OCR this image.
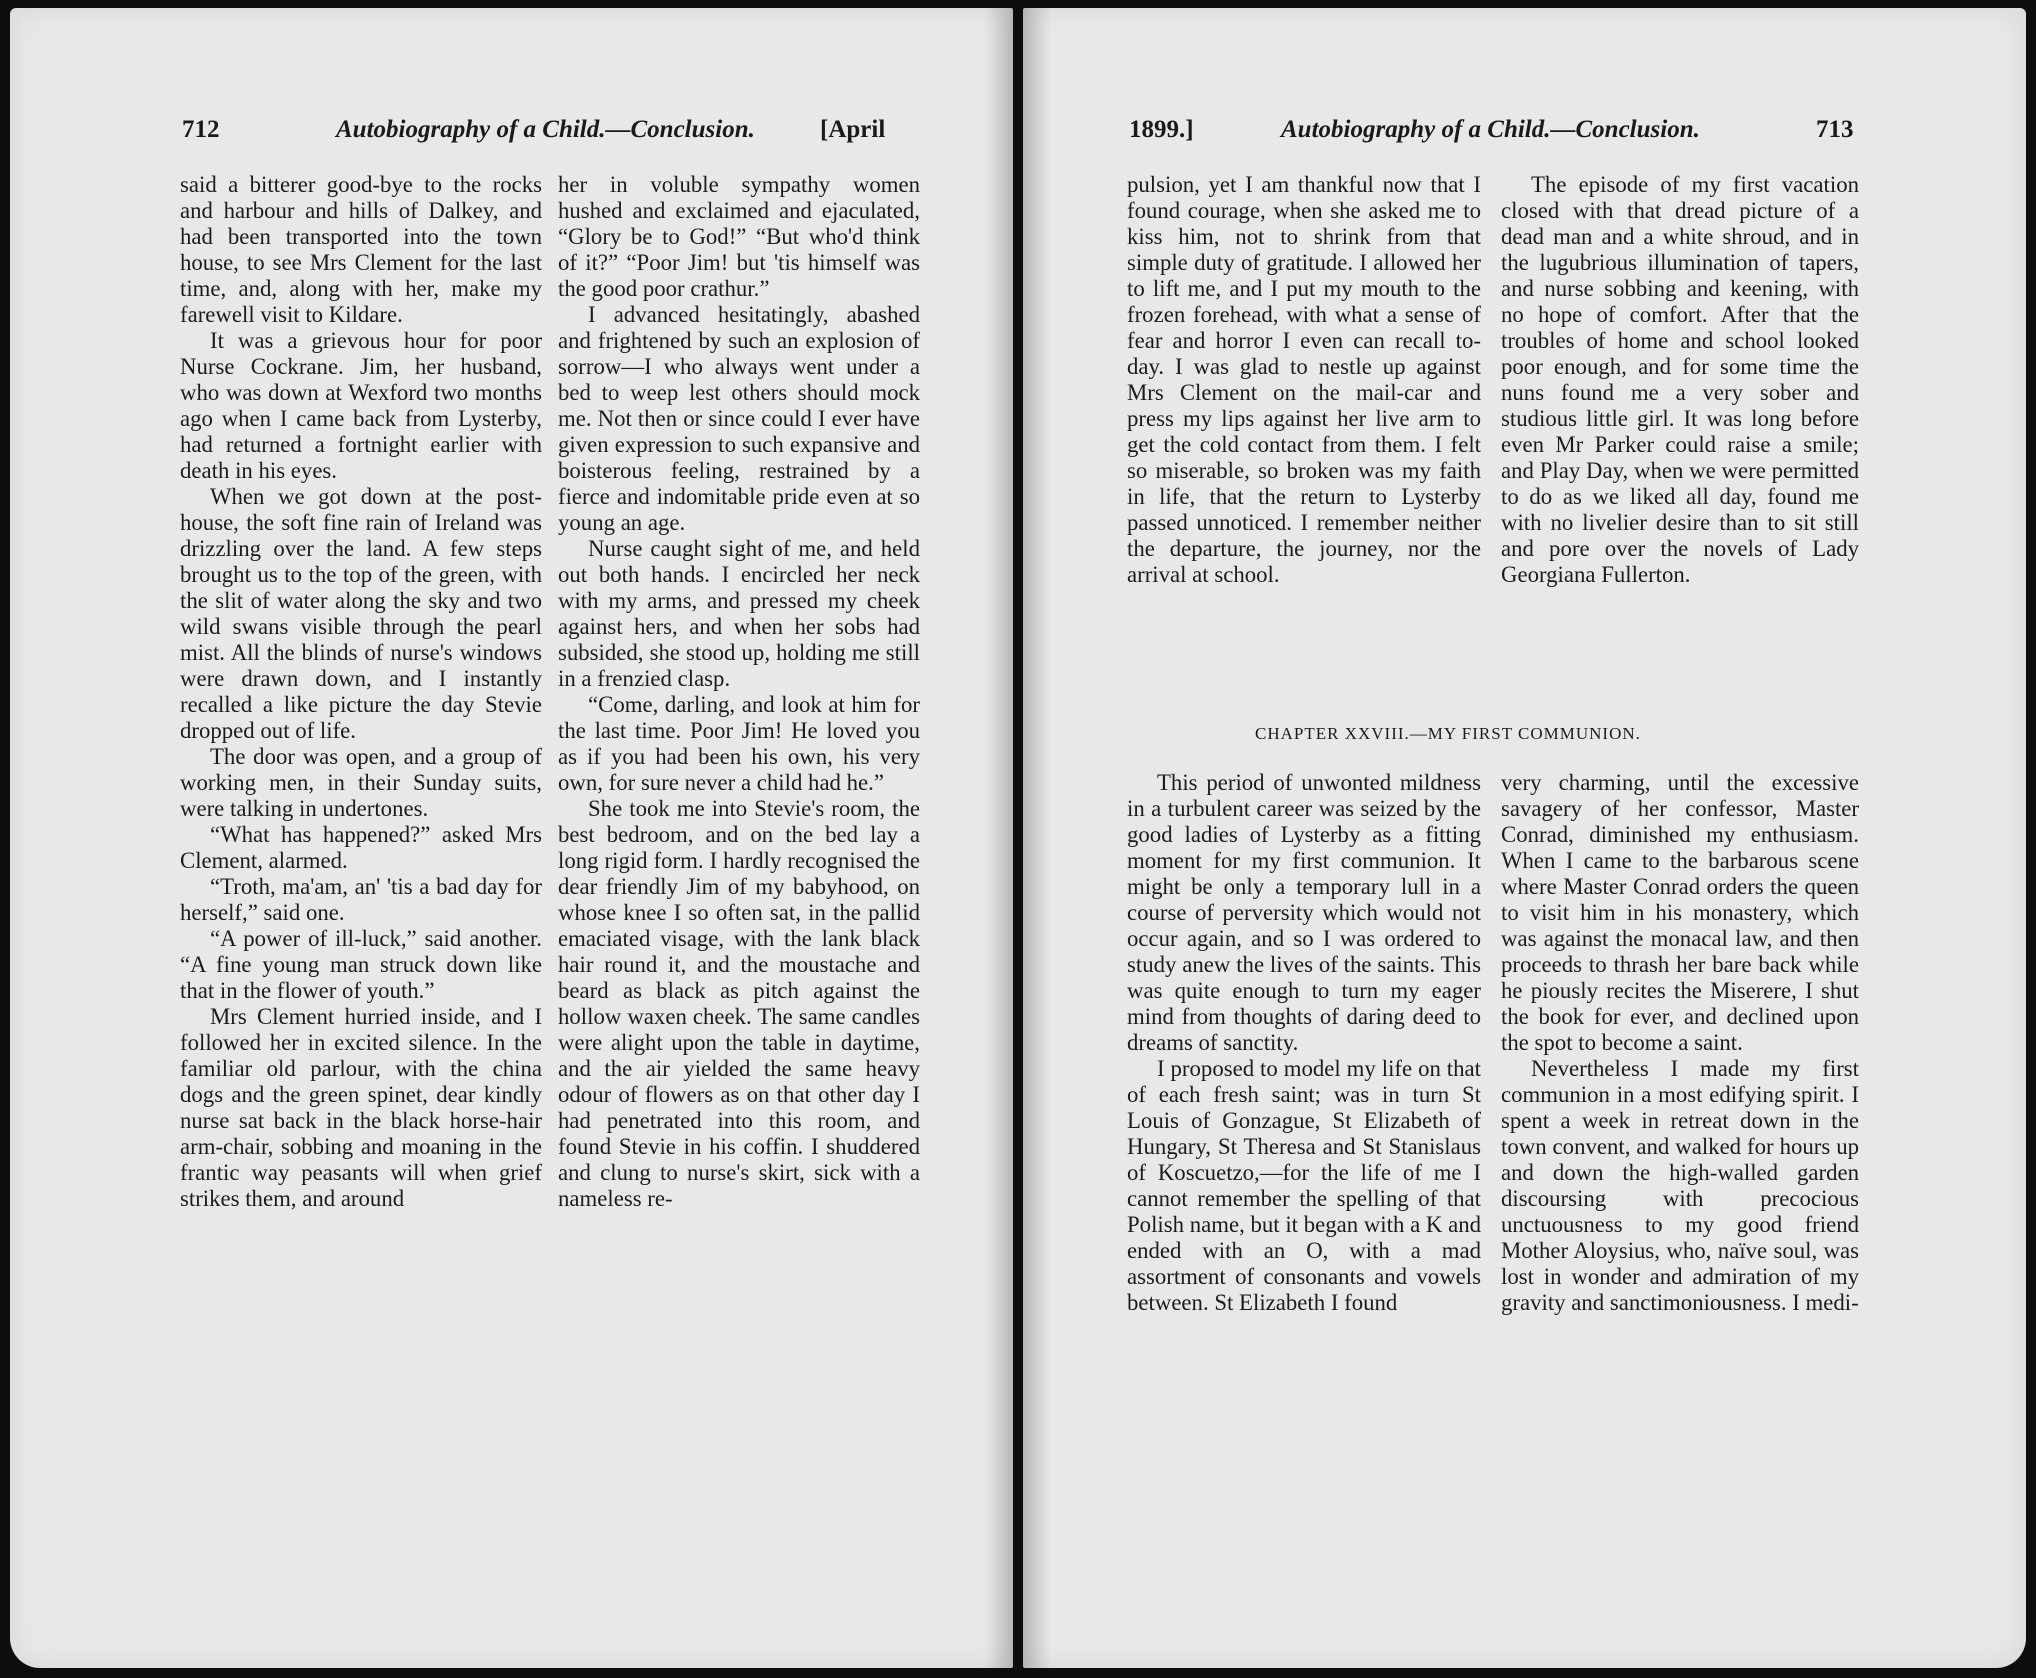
712	Autobiography of a Child.—Conclusion.	[April

said a bitterer good-bye to the rocks and harbour and hills of Dalkey, and had been transported into the town house, to see Mrs Clement for the last time, and, along with her, make my farewell visit to Kildare.

It was a grievous hour for poor Nurse Cockrane. Jim, her husband, who was down at Wexford two months ago when I came back from Lysterby, had returned a fortnight earlier with death in his eyes.

When we got down at the post-house, the soft fine rain of Ireland was drizzling over the land. A few steps brought us to the top of the green, with the slit of water along the sky and two wild swans visible through the pearl mist. All the blinds of nurse's windows were drawn down, and I instantly recalled a like picture the day Stevie dropped out of life.

The door was open, and a group of working men, in their Sunday suits, were talking in undertones.

“What has happened?” asked Mrs Clement, alarmed.

“Troth, ma'am, an' 'tis a bad day for herself,” said one.

“A power of ill-luck,” said another. “A fine young man struck down like that in the flower of youth.”

Mrs Clement hurried inside, and I followed her in excited silence. In the familiar old parlour, with the china dogs and the green spinet, dear kindly nurse sat back in the black horse-hair arm-chair, sobbing and moaning in the frantic way peasants will when grief strikes them, and around

her in voluble sympathy women hushed and exclaimed and ejaculated, “Glory be to God!” “But who'd think of it?” “Poor Jim! but 'tis himself was the good poor crathur.”

I advanced hesitatingly, abashed and frightened by such an explosion of sorrow—I who always went under a bed to weep lest others should mock me. Not then or since could I ever have given expression to such expansive and boisterous feeling, restrained by a fierce and indomitable pride even at so young an age.

Nurse caught sight of me, and held out both hands. I encircled her neck with my arms, and pressed my cheek against hers, and when her sobs had subsided, she stood up, holding me still in a frenzied clasp.

“Come, darling, and look at him for the last time. Poor Jim! He loved you as if you had been his own, his very own, for sure never a child had he.”

She took me into Stevie's room, the best bedroom, and on the bed lay a long rigid form. I hardly recognised the dear friendly Jim of my babyhood, on whose knee I so often sat, in the pallid emaciated visage, with the lank black hair round it, and the moustache and beard as black as pitch against the hollow waxen cheek. The same candles were alight upon the table in daytime, and the air yielded the same heavy odour of flowers as on that other day I had penetrated into this room, and found Stevie in his coffin. I shuddered and clung to nurse's skirt, sick with a nameless re-

1899.]	Autobiography of a Child.—Conclusion.	713

pulsion, yet I am thankful now that I found courage, when she asked me to kiss him, not to shrink from that simple duty of gratitude. I allowed her to lift me, and I put my mouth to the frozen forehead, with what a sense of fear and horror I even can recall to-day. I was glad to nestle up against Mrs Clement on the mail-car and press my lips against her live arm to get the cold contact from them. I felt so miserable, so broken was my faith in life, that the return to Lysterby passed unnoticed. I remember neither the departure, the journey, nor the arrival at school.

The episode of my first vacation closed with that dread picture of a dead man and a white shroud, and in the lugubrious illumination of tapers, and nurse sobbing and keening, with no hope of comfort. After that the troubles of home and school looked poor enough, and for some time the nuns found me a very sober and studious little girl. It was long before even Mr Parker could raise a smile; and Play Day, when we were permitted to do as we liked all day, found me with no livelier desire than to sit still and pore over the novels of Lady Georgiana Fullerton.

CHAPTER XXVIII.—MY FIRST COMMUNION.

This period of unwonted mildness in a turbulent career was seized by the good ladies of Lysterby as a fitting moment for my first communion. It might be only a temporary lull in a course of perversity which would not occur again, and so I was ordered to study anew the lives of the saints. This was quite enough to turn my eager mind from thoughts of daring deed to dreams of sanctity.

I proposed to model my life on that of each fresh saint; was in turn St Louis of Gonzague, St Elizabeth of Hungary, St Theresa and St Stanislaus of Koscuetzo,—for the life of me I cannot remember the spelling of that Polish name, but it began with a K and ended with an O, with a mad assortment of consonants and vowels between. St Elizabeth I found

very charming, until the excessive savagery of her confessor, Master Conrad, diminished my enthusiasm. When I came to the barbarous scene where Master Conrad orders the queen to visit him in his monastery, which was against the monacal law, and then proceeds to thrash her bare back while he piously recites the Miserere, I shut the book for ever, and declined upon the spot to become a saint.

Nevertheless I made my first communion in a most edifying spirit. I spent a week in retreat down in the town convent, and walked for hours up and down the high-walled garden discoursing with precocious unctuousness to my good friend Mother Aloysius, who, naïve soul, was lost in wonder and admiration of my gravity and sanctimoniousness. I medi-
